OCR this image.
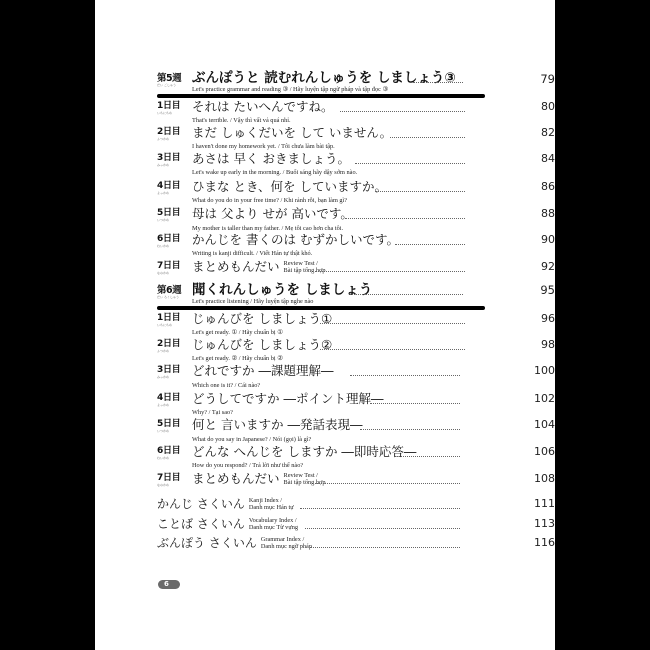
第5週
だい ごしゅう	ぶんぽうと 読むれんしゅうを しましょう③	79
Let's practice grammar and reading ③ / Hãy luyện tập ngữ pháp và tập đọc ③
1日目
いちにちめ	それは たいへんですね。	80
That's terrible. / Vậy thì vất vả quá nhỉ.
2日目
ふつかめ	まだ しゅくだいを して いません。	82
I haven't done my homework yet. / Tôi chưa làm bài tập.
3日目
みっかめ	あさは 早く おきましょう。	84
Let's wake up early in the morning. / Buổi sáng hãy dậy sớm nào.
4日目
よっかめ	ひまな とき、何を していますか。	86
What do you do in your free time? / Khi rảnh rỗi, bạn làm gì?
5日目
いつかめ	母は 父より せが 高いです。	88
My mother is taller than my father. / Mẹ tôi cao hơn cha tôi.
6日目
むいかめ	かんじを 書くのは むずかしいです。	90
Writing is kanji difficult. / Viết Hán tự thật khó.
7日目
なのかめ	まとめもんだい Review Test /
Bài tập tổng hợp	92
第6週
だい ろくしゅう 聞くれんしゅうを しましょう	95
Let's practice listening / Hãy luyện tập nghe nào
1日目
いちにちめ	じゅんびを しましょう①	96
Let's get ready. ① / Hãy chuẩn bị ①
2日目
ふつかめ	じゅんびを しましょう②	98
Let's get ready. ② / Hãy chuẩn bị ②
3日目
みっかめ	どれですか ―課題理解―	100
Which one is it? / Cái nào?
4日目
よっかめ	どうしてですか ―ポイント理解―	102
Why? / Tại sao?
5日目
いつかめ	何と 言いますか ―発話表現―	104
What do you say in Japanese? / Nói (gọi) là gì?
6日目
むいかめ	どんな へんじを しますか ―即時応答―	106
How do you respond? / Trả lời như thế nào?
7日目
なのかめ	まとめもんだい Review Test /
Bài tập tổng hợp	108
かんじ さくいん Kanji Index /
Danh mục Hán tự	111
ことば さくいん Vocabulary Index /
Danh mục Từ vựng	113
ぶんぽう さくいん Grammar Index /
Danh mục ngữ pháp	116
6
